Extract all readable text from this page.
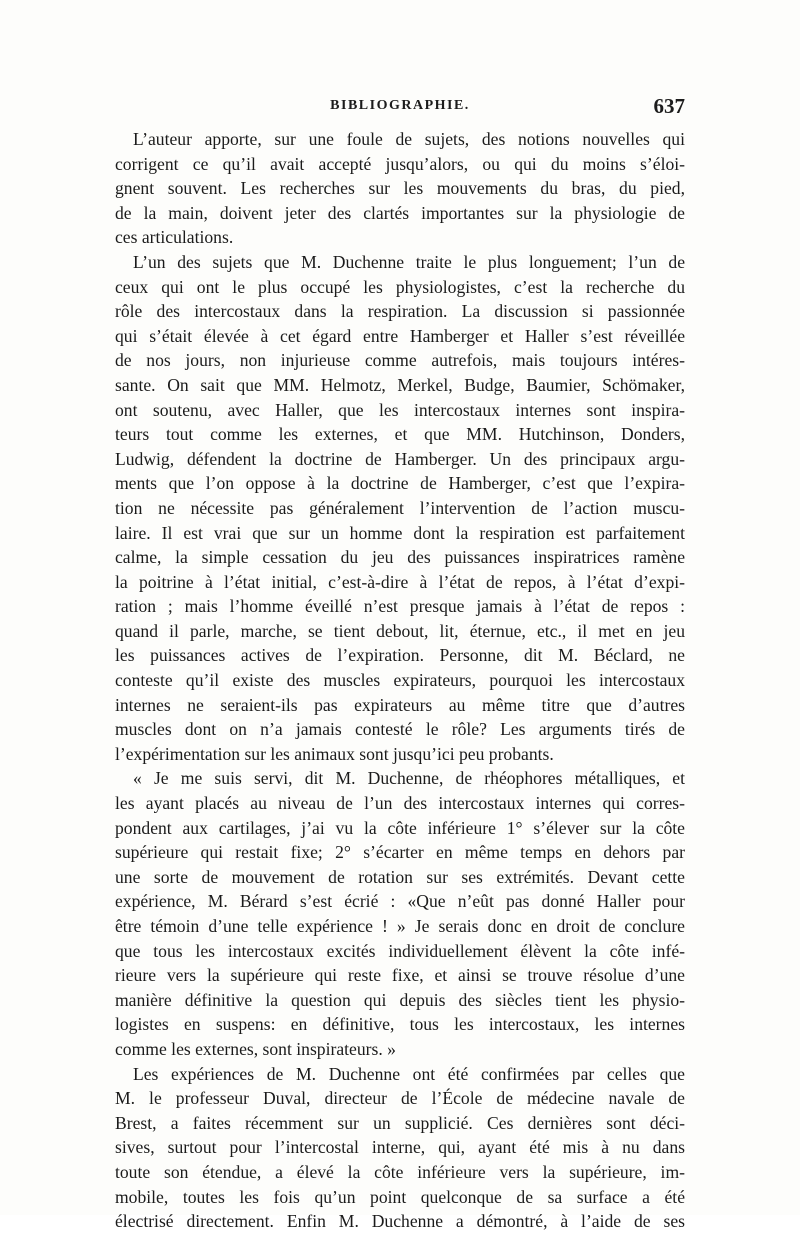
BIBLIOGRAPHIE.	637
L’auteur apporte, sur une foule de sujets, des notions nouvelles qui
corrigent ce qu’il avait accepté jusqu’alors, ou qui du moins s’éloi-
gnent souvent. Les recherches sur les mouvements du bras, du pied,
de la main, doivent jeter des clartés importantes sur la physiologie de
ces articulations.
L’un des sujets que M. Duchenne traite le plus longuement; l’un de
ceux qui ont le plus occupé les physiologistes, c’est la recherche du
rôle des intercostaux dans la respiration. La discussion si passionnée
qui s’était élevée à cet égard entre Hamberger et Haller s’est réveillée
de nos jours, non injurieuse comme autrefois, mais toujours intéres-
sante. On sait que MM. Helmotz, Merkel, Budge, Baumier, Schömaker,
ont soutenu, avec Haller, que les intercostaux internes sont inspira-
teurs tout comme les externes, et que MM. Hutchinson, Donders,
Ludwig, défendent la doctrine de Hamberger. Un des principaux argu-
ments que l’on oppose à la doctrine de Hamberger, c’est que l’expira-
tion ne nécessite pas généralement l’intervention de l’action muscu-
laire. Il est vrai que sur un homme dont la respiration est parfaitement
calme, la simple cessation du jeu des puissances inspiratrices ramène
la poitrine à l’état initial, c’est-à-dire à l’état de repos, à l’état d’expi-
ration ; mais l’homme éveillé n’est presque jamais à l’état de repos :
quand il parle, marche, se tient debout, lit, éternue, etc., il met en jeu
les puissances actives de l’expiration. Personne, dit M. Béclard, ne
conteste qu’il existe des muscles expirateurs, pourquoi les intercostaux
internes ne seraient-ils pas expirateurs au même titre que d’autres
muscles dont on n’a jamais contesté le rôle? Les arguments tirés de
l’expérimentation sur les animaux sont jusqu’ici peu probants.
« Je me suis servi, dit M. Duchenne, de rhéophores métalliques, et
les ayant placés au niveau de l’un des intercostaux internes qui corres-
pondent aux cartilages, j’ai vu la côte inférieure 1° s’élever sur la côte
supérieure qui restait fixe; 2° s’écarter en même temps en dehors par
une sorte de mouvement de rotation sur ses extrémités. Devant cette
expérience, M. Bérard s’est écrié : «Que n’eût pas donné Haller pour
être témoin d’une telle expérience ! » Je serais donc en droit de conclure
que tous les intercostaux excités individuellement élèvent la côte infé-
rieure vers la supérieure qui reste fixe, et ainsi se trouve résolue d’une
manière définitive la question qui depuis des siècles tient les physio-
logistes en suspens: en définitive, tous les intercostaux, les internes
comme les externes, sont inspirateurs. »
Les expériences de M. Duchenne ont été confirmées par celles que
M. le professeur Duval, directeur de l’École de médecine navale de
Brest, a faites récemment sur un supplicié. Ces dernières sont déci-
sives, surtout pour l’intercostal interne, qui, ayant été mis à nu dans
toute son étendue, a élevé la côte inférieure vers la supérieure, im-
mobile, toutes les fois qu’un point quelconque de sa surface a été
électrisé directement. Enfin M. Duchenne a démontré, à l’aide de ses
